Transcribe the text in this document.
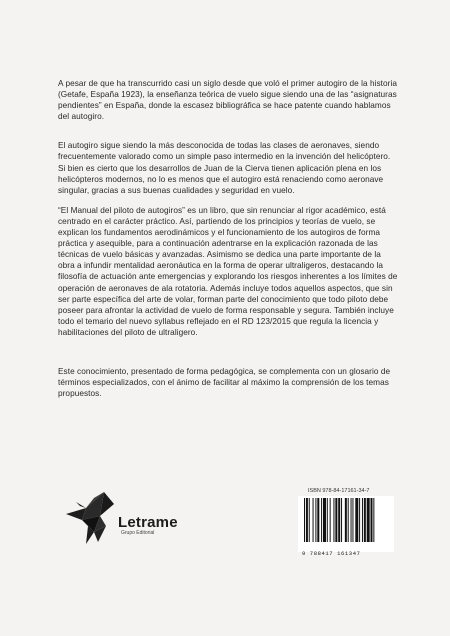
A pesar de que ha transcurrido casi un siglo desde que voló el primer autogiro de la historia (Getafe, España 1923), la enseñanza teórica de vuelo sigue siendo una de las “asignaturas pendientes” en España, donde la escasez bibliográfica se hace patente cuando hablamos del autogiro.

El autogiro sigue siendo la más desconocida de todas las clases de aeronaves, siendo frecuentemente valorado como un simple paso intermedio en la invención del helicóptero. Si bien es cierto que los desarrollos de Juan de la Cierva tienen aplicación plena en los helicópteros modernos, no lo es menos que el autogiro está renaciendo como aeronave singular, gracias a sus buenas cualidades y seguridad en vuelo.

“El Manual del piloto de autogiros” es un libro, que sin renunciar al rigor académico, está centrado en el carácter práctico. Así, partiendo de los principios y teorías de vuelo, se explican los fundamentos aerodinámicos y el funcionamiento de los autogiros de forma práctica y asequible, para a continuación adentrarse en la explicación razonada de las técnicas de vuelo básicas y avanzadas. Asimismo se dedica una parte importante de la obra a infundir mentalidad aeronáutica en la forma de operar ultraligeros, destacando la filosofía de actuación ante emergencias y explorando los riesgos inherentes a los límites de operación de aeronaves de ala rotatoria. Además incluye todos aquellos aspectos, que sin ser parte específica del arte de volar, forman parte del conocimiento que todo piloto debe poseer para afrontar la actividad de vuelo de forma responsable y segura. También incluye todo el temario del nuevo syllabus reflejado en el RD 123/2015 que regula la licencia y habilitaciones del piloto de ultraligero.

Este conocimiento, presentado de forma pedagógica, se complementa con un glosario de términos especializados, con el ánimo de facilitar al máximo la comprensión de los temas propuestos.

Letrame
Grupo Editorial
ISBN 978-84-17161-34-7
9 788417 161347
